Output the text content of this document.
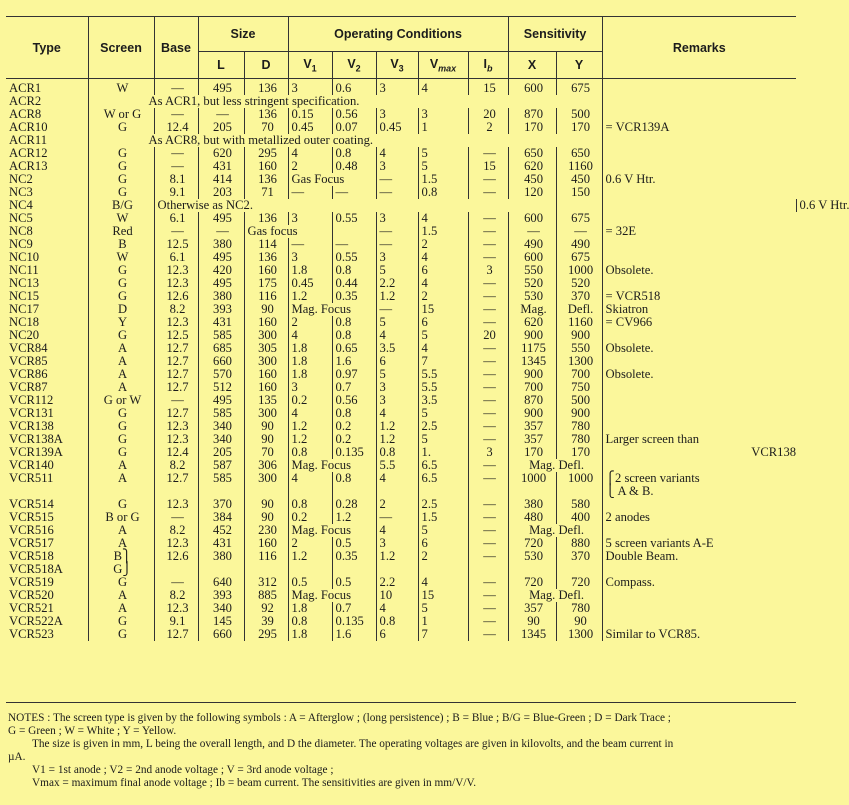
Type	Screen	Base	Size		Operating Conditions					Sensitivity		Remarks	
			L	D	$V_1$	$V_2$	$V_3$	$V_{max}$	$I_b$	X	Y		
ACR1	W	—	495	136	3	0.6	3	4	15	600	675		
ACR2	As ACR1, but less stringent specification.												
ACR8	W or G	—	—	136	0.15	0.56	3	3	20	870	500		
ACR10	G	12.4	205	70	0.45	0.07	0.45	1	2	170	170	= VCR139A	
ACR11	As ACR8, but with metallized outer coating.												
ACR12	G	—	620	295	4	0.8	4	5	—	650	650		
ACR13	G	—	431	160	2	0.48	3	5	15	620	1160		
NC2	G	8.1	414	136	Gas Focus		—	1.5	—	450	450	0.6 V Htr.	
NC3	G	9.1	203	71	—	—	—	0.8	—	120	150		
NC4	B/G	Otherwise as NC2.											0.6 V Htr.
NC5	W	6.1	495	136	3	0.55	3	4	—	600	675		
NC8	Red	—	—	Gas focus			—	1.5	—	—	—	= 32E	
NC9	B	12.5	380	114	—	—	—	2	—	490	490		
NC10	W	6.1	495	136	3	0.55	3	4	—	600	675		
NC11	G	12.3	420	160	1.8	0.8	5	6	3	550	1000	Obsolete.	
NC13	G	12.3	495	175	0.45	0.44	2.2	4	—	520	520		
NC15	G	12.6	380	116	1.2	0.35	1.2	2	—	530	370	= VCR518	
NC17	D	8.2	393	90	Mag. Focus		—	15	—	Mag.	Defl.	Skiatron	
NC18	Y	12.3	431	160	2	0.8	5	6	—	620	1160	= CV966	
NC20	G	12.5	585	300	4	0.8	4	5	20	900	900		
VCR84	A	12.7	685	305	1.8	0.65	3.5	4	—	1175	550	Obsolete.	
VCR85	A	12.7	660	300	1.8	1.6	6	7	—	1345	1300		
VCR86	A	12.7	570	160	1.8	0.97	5	5.5	—	900	700	Obsolete.	
VCR87	A	12.7	512	160	3	0.7	3	5.5	—	700	750		
VCR112	G or W	—	495	135	0.2	0.56	3	3.5	—	870	500		
VCR131	G	12.7	585	300	4	0.8	4	5	—	900	900		
VCR138	G	12.3	340	90	1.2	0.2	1.2	2.5	—	357	780		
VCR138A	G	12.3	340	90	1.2	0.2	1.2	5	—	357	780	Larger screen than	
VCR139A	G	12.4	205	70	0.8	0.135	0.8	1.	3	170	170	VCR138	
VCR140	A	8.2	587	306	Mag. Focus		5.5	6.5	—	Mag. Defl.			
VCR511	A	12.7	585	300	4	0.8	4	6.5	—	1000	1000	⎧2 screen variants	
												⎩ A & B.	
VCR514	G	12.3	370	90	0.8	0.28	2	2.5	—	380	580		
VCR515	B or G	—	384	90	0.2	1.2	—	1.5	—	480	400	2 anodes	
VCR516	A	8.2	452	230	Mag. Focus		4	5	—	Mag. Defl.			
VCR517	A	12.3	431	160	2	0.5	3	6	—	720	880	5 screen variants A-E	
VCR518	B⎫	12.6	380	116	1.2	0.35	1.2	2	—	530	370	Double Beam.	
VCR518A	G⎭												
VCR519	G	—	640	312	0.5	0.5	2.2	4	—	720	720	Compass.	
VCR520	A	8.2	393	885	Mag. Focus		10	15	—	Mag. Defl.			
VCR521	A	12.3	340	92	1.8	0.7	4	5	—	357	780		
VCR522A	G	9.1	145	39	0.8	0.135	0.8	1	—	90	90		
VCR523	G	12.7	660	295	1.8	1.6	6	7	—	1345	1300	Similar to VCR85.	
NOTES : The screen type is given by the following symbols : A = Afterglow ; (long persistence) ; B = Blue ; B/G = Blue-Green ; D = Dark Trace ;
G = Green ; W = White ; Y = Yellow.
The size is given in mm, L being the overall length, and D the diameter. The operating voltages are given in kilovolts, and the beam current in
µA.
V1 = 1st anode ; V2 = 2nd anode voltage ; V = 3rd anode voltage ;
Vmax = maximum final anode voltage ; Ib = beam current. The sensitivities are given in mm/V/V.
